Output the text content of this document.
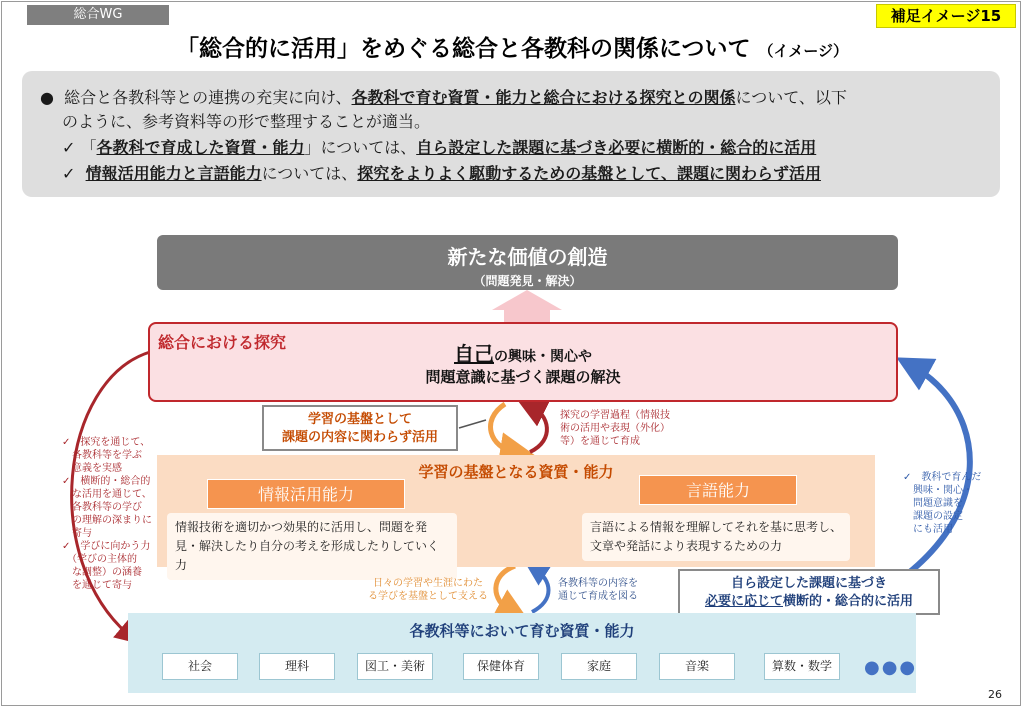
総合WG	補足イメージ15
「総合的に活用」をめぐる総合と各教科の関係について （イメージ）
● 総合と各教科等との連携の充実に向け、各教科で育む資質・能力と総合における探究との関係について、以下
のように、参考資料等の形で整理することが適当。
✓ 「各教科で育成した資質・能力」については、自ら設定した課題に基づき必要に横断的・総合的に活用
✓ 情報活用能力と言語能力については、探究をよりよく駆動するための基盤として、課題に関わらず活用
新たな価値の創造
（問題発見・解決）
総合における探究	自己の興味・関心や
問題意識に基づく課題の解決
学習の基盤として
課題の内容に関わらず活用
探究の学習過程（情報技
術の活用や表現（外化）
等）を通じて育成
学習の基盤となる資質・能力
情報活用能力	言語能力
情報技術を適切かつ効果的に活用し、問題を発
見・解決したり自分の考えを形成したりしていく力
言語による情報を理解してそれを基に思考し、
文章や発話により表現するための力
日々の学習や生涯にわた
る学びを基盤として支える
各教科等の内容を
通じて育成を図る
自ら設定した課題に基づき
必要に応じて横断的・総合的に活用
各教科等において育む資質・能力
社会	理科	図工・美術	保健体育	家庭	音楽	算数・数学	●●●
✓　探究を通じて、
　各教科等を学ぶ
　意義を実感
✓　横断的・総合的
　な活用を通じて、
　各教科等の学び
　の理解の深まりに
　寄与
✓　学びに向かう力
　（学びの主体的
　な調整）の涵養
　を通じて寄与
✓　教科で育んだ
　興味・関心・
　問題意識を
　課題の設定
　にも活用
26
